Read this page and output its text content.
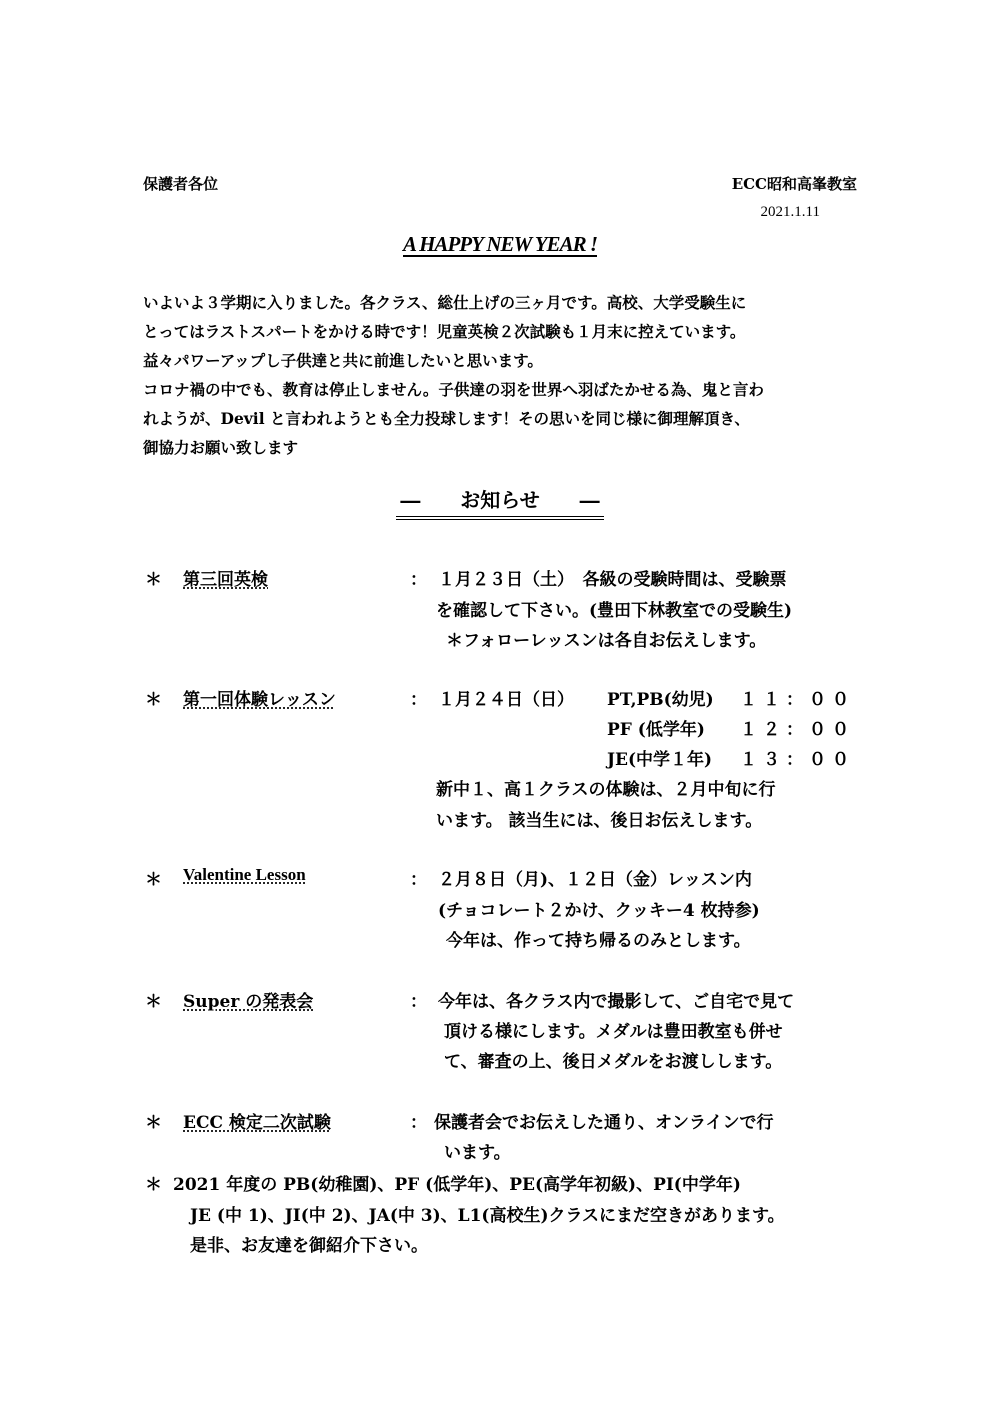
保護者各位	ECC昭和高峯教室
2021.1.11
A HAPPY NEW YEAR !
いよいよ３学期に入りました。各クラス、総仕上げの三ヶ月です。高校、大学受験生に
とってはラストスパートをかける時です！児童英検２次試験も１月末に控えています。
益々パワーアップし子供達と共に前進したいと思います。
コロナ禍の中でも、教育は停止しません。子供達の羽を世界へ羽ばたかせる為、鬼と言わ
れようが、Devil と言われようとも全力投球します！その思いを同じ様に御理解頂き、
御協力お願い致します
― お知らせ ―
＊ 第三回英検	： １月２３日（土）　各級の受験時間は、受験票
を確認して下さい。(豊田下林教室での受験生)
＊フォローレッスンは各自お伝えします。
＊ 第一回体験レッスン	： １月２４日（日） PT,PB(幼児) １１：００
PF (低学年) １２：００
JE(中学１年) １３：００
新中１、高１クラスの体験は、２月中旬に行
います。 該当生には、後日お伝えします。
＊ Valentine Lesson	： ２月８日（月)、１２日（金）レッスン内
(チョコレート２かけ、クッキー4 枚持参)
今年は、作って持ち帰るのみとします。
＊ Super の発表会	： 今年は、各クラス内で撮影して、ご自宅で見て
頂ける様にします。メダルは豊田教室も併せ
て、審査の上、後日メダルをお渡しします。
＊ ECC 検定二次試験	： 保護者会でお伝えした通り、オンラインで行
います。
＊ 2021 年度の PB(幼稚園)、PF (低学年)、PE(高学年初級)、PI(中学年)
JE (中 1)、JI(中 2)、JA(中 3)、L1(高校生)クラスにまだ空きがあります。
是非、お友達を御紹介下さい。
